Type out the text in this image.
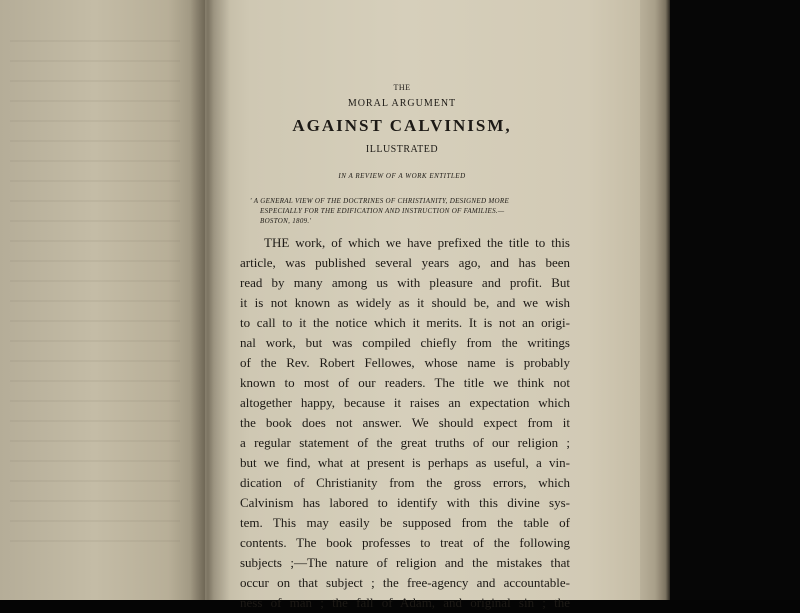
THE
MORAL ARGUMENT
AGAINST CALVINISM,
ILLUSTRATED
IN A REVIEW OF A WORK ENTITLED
' A GENERAL VIEW OF THE DOCTRINES OF CHRISTIANITY, DESIGNED MORE
ESPECIALLY FOR THE EDIFICATION AND INSTRUCTION OF FAMILIES.—
BOSTON, 1809.'
THE work, of which we have prefixed the title to this
article, was published several years ago, and has been
read by many among us with pleasure and profit. But
it is not known as widely as it should be, and we wish
to call to it the notice which it merits. It is not an origi-
nal work, but was compiled chiefly from the writings
of the Rev. Robert Fellowes, whose name is probably
known to most of our readers. The title we think not
altogether happy, because it raises an expectation which
the book does not answer. We should expect from it
a regular statement of the great truths of our religion ;
but we find, what at present is perhaps as useful, a vin-
dication of Christianity from the gross errors, which
Calvinism has labored to identify with this divine sys-
tem. This may easily be supposed from the table of
contents. The book professes to treat of the following
subjects ;—The nature of religion and the mistakes that
occur on that subject ; the free-agency and accountable-
ness of man ; the fall of Adam, and original sin ; the
